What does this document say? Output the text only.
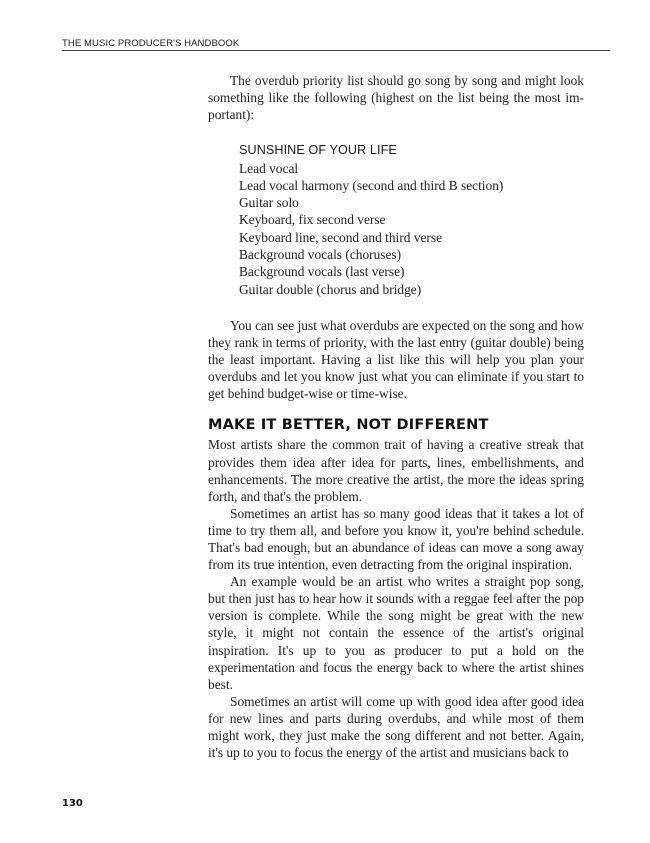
THE MUSIC PRODUCER'S HANDBOOK

The overdub priority list should go song by song and might look something like the following (highest on the list being the most important):

SUNSHINE OF YOUR LIFE
Lead vocal
Lead vocal harmony (second and third B section)
Guitar solo
Keyboard, fix second verse
Keyboard line, second and third verse
Background vocals (choruses)
Background vocals (last verse)
Guitar double (chorus and bridge)

You can see just what overdubs are expected on the song and how they rank in terms of priority, with the last entry (guitar double) being the least important. Having a list like this will help you plan your overdubs and let you know just what you can eliminate if you start to get behind budget-wise or time-wise.

MAKE IT BETTER, NOT DIFFERENT

Most artists share the common trait of having a creative streak that provides them idea after idea for parts, lines, embellishments, and enhancements. The more creative the artist, the more the ideas spring forth, and that's the problem.

Sometimes an artist has so many good ideas that it takes a lot of time to try them all, and before you know it, you're behind schedule. That's bad enough, but an abundance of ideas can move a song away from its true intention, even detracting from the original inspiration.

An example would be an artist who writes a straight pop song, but then just has to hear how it sounds with a reggae feel after the pop version is complete. While the song might be great with the new style, it might not contain the essence of the artist's original inspiration. It's up to you as producer to put a hold on the experimentation and focus the energy back to where the artist shines best.

Sometimes an artist will come up with good idea after good idea for new lines and parts during overdubs, and while most of them might work, they just make the song different and not better. Again, it's up to you to focus the energy of the artist and musicians back to

130
